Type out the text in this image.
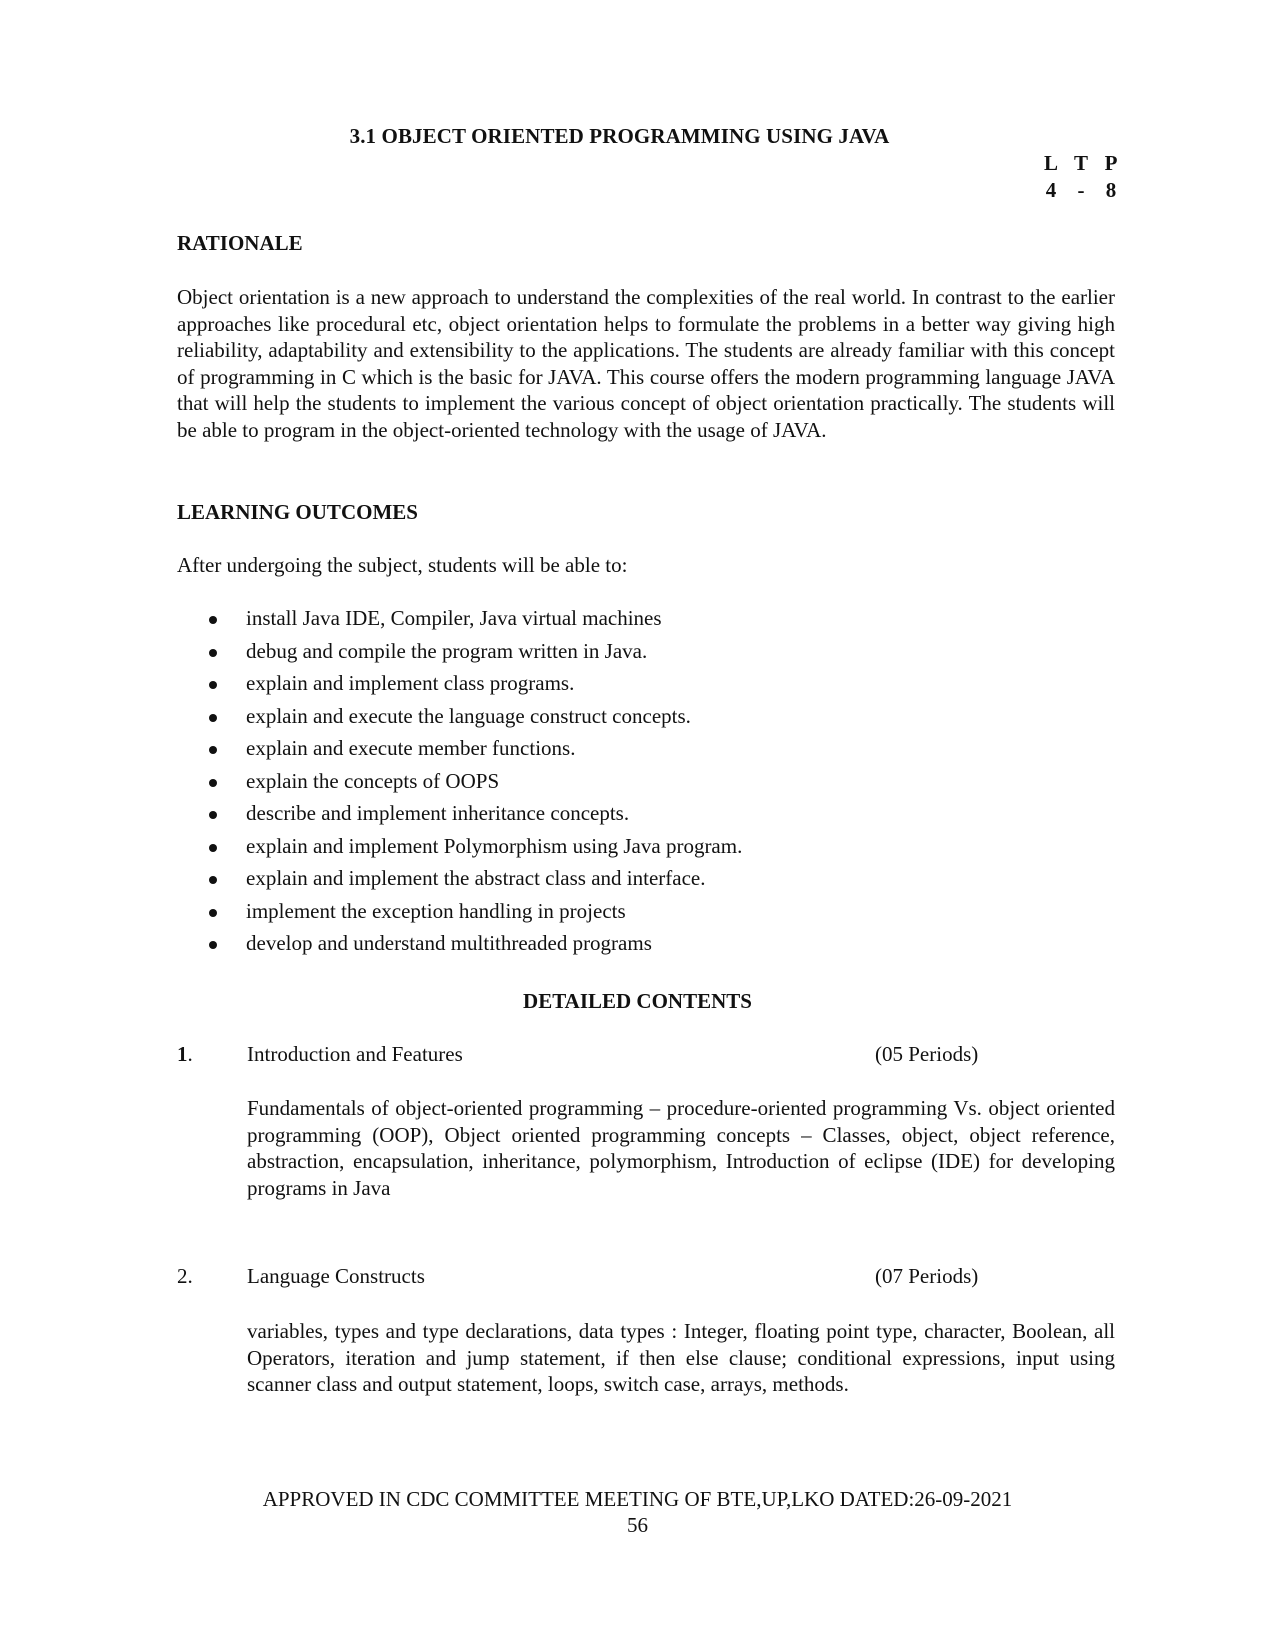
3.1 OBJECT ORIENTED PROGRAMMING USING JAVA
L T P
4	-	8
RATIONALE
Object orientation is a new approach to understand the complexities of the real world. In contrast to the earlier approaches like procedural etc, object orientation helps to formulate the problems in a better way giving high reliability, adaptability and extensibility to the applications. The students are already familiar with this concept of programming in C which is the basic for JAVA. This course offers the modern programming language JAVA that will help the students to implement the various concept of object orientation practically. The students will be able to program in the object-oriented technology with the usage of JAVA.
LEARNING OUTCOMES
After undergoing the subject, students will be able to:
install Java IDE, Compiler, Java virtual machines
debug and compile the program written in Java.
explain and implement class programs.
explain and execute the language construct concepts.
explain and execute member functions.
explain the concepts of OOPS
describe and implement inheritance concepts.
explain and implement Polymorphism using Java program.
explain and implement the abstract class and interface.
implement the exception handling in projects
develop and understand multithreaded programs
DETAILED CONTENTS
1.	Introduction and Features	(05 Periods)
Fundamentals of object-oriented programming – procedure-oriented programming Vs. object oriented programming (OOP), Object oriented programming concepts – Classes, object, object reference, abstraction, encapsulation, inheritance, polymorphism, Introduction of eclipse (IDE) for developing programs in Java
2.	Language Constructs	(07 Periods)
variables, types and type declarations, data types : Integer, floating point type, character, Boolean, all Operators, iteration and jump statement, if then else clause; conditional expressions, input using scanner class and output statement, loops, switch case, arrays, methods.
APPROVED IN CDC COMMITTEE MEETING OF BTE,UP,LKO DATED:26-09-2021
56
